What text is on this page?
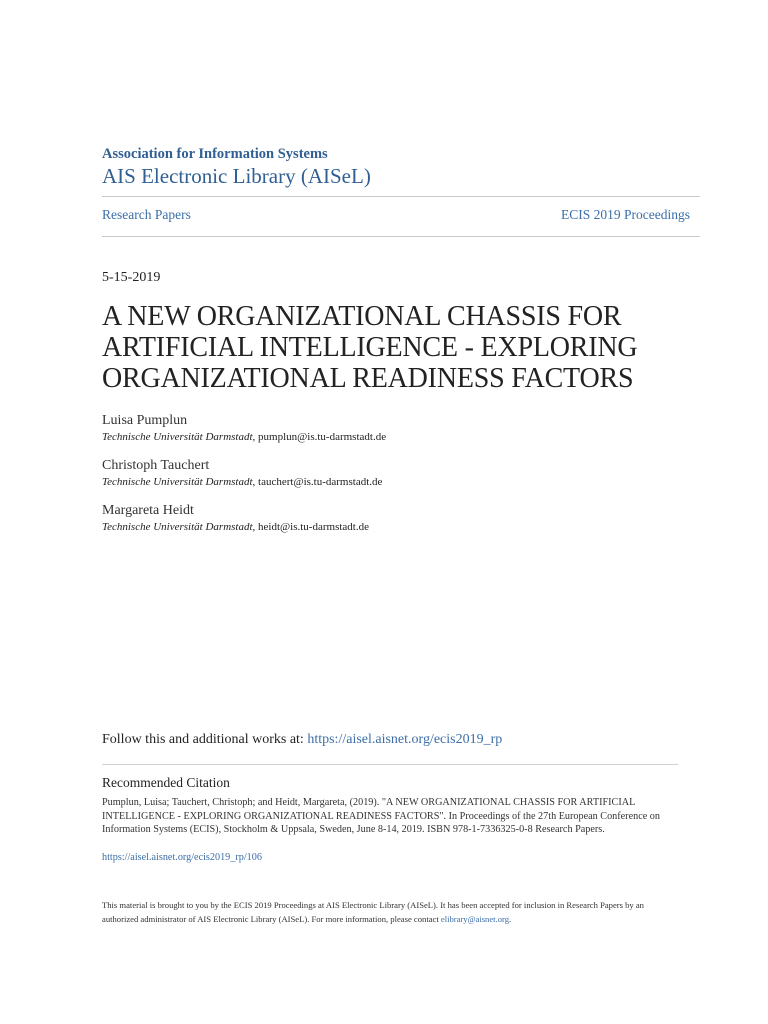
Association for Information Systems
AIS Electronic Library (AISeL)
Research Papers	ECIS 2019 Proceedings
5-15-2019
A NEW ORGANIZATIONAL CHASSIS FOR
ARTIFICIAL INTELLIGENCE - EXPLORING
ORGANIZATIONAL READINESS FACTORS
Luisa Pumplun
Technische Universität Darmstadt, pumplun@is.tu-darmstadt.de
Christoph Tauchert
Technische Universität Darmstadt, tauchert@is.tu-darmstadt.de
Margareta Heidt
Technische Universität Darmstadt, heidt@is.tu-darmstadt.de
Follow this and additional works at: https://aisel.aisnet.org/ecis2019_rp
Recommended Citation
Pumplun, Luisa; Tauchert, Christoph; and Heidt, Margareta, (2019). "A NEW ORGANIZATIONAL CHASSIS FOR ARTIFICIAL INTELLIGENCE - EXPLORING ORGANIZATIONAL READINESS FACTORS". In Proceedings of the 27th European Conference on Information Systems (ECIS), Stockholm & Uppsala, Sweden, June 8-14, 2019. ISBN 978-1-7336325-0-8 Research Papers.
https://aisel.aisnet.org/ecis2019_rp/106
This material is brought to you by the ECIS 2019 Proceedings at AIS Electronic Library (AISeL). It has been accepted for inclusion in Research Papers by an authorized administrator of AIS Electronic Library (AISeL). For more information, please contact elibrary@aisnet.org.
